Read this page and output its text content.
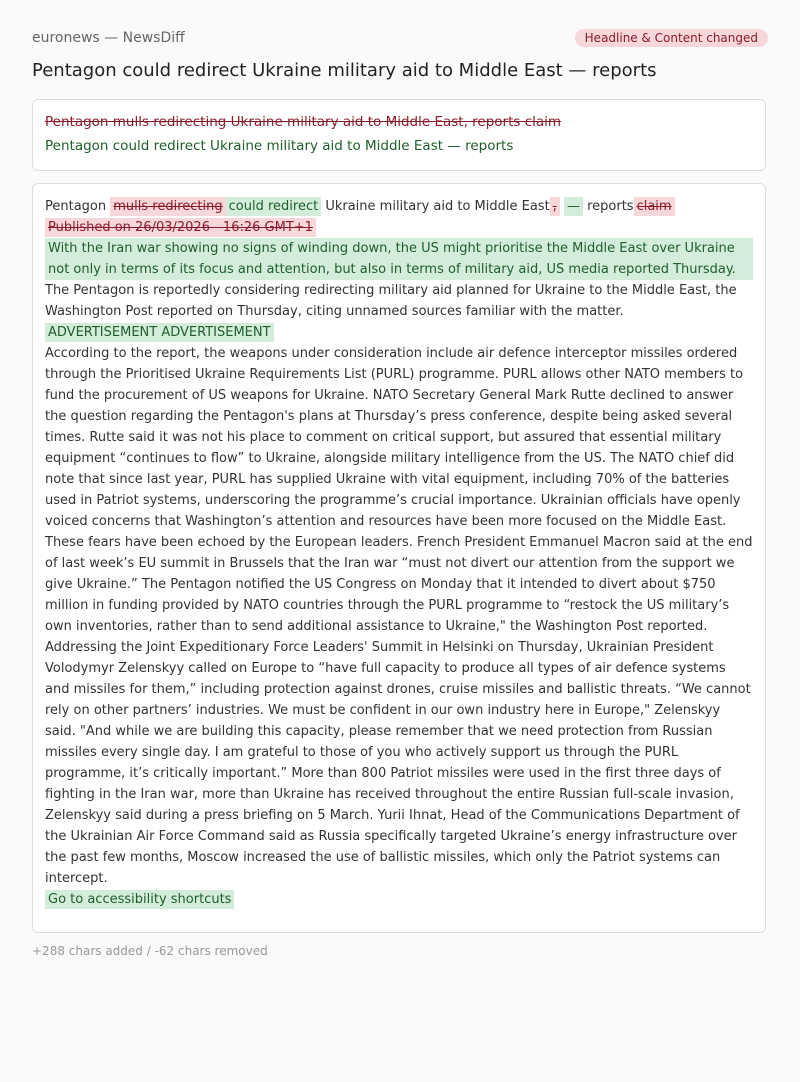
euronews — NewsDiff	Headline & Content changed
Pentagon could redirect Ukraine military aid to Middle East — reports
Pentagon mulls redirecting Ukraine military aid to Middle East, reports claim
Pentagon could redirect Ukraine military aid to Middle East — reports
Pentagon mulls redirecting could redirect Ukraine military aid to Middle East , — reports claim
Published on 26/03/2026 - 16:26 GMT+1
With the Iran war showing no signs of winding down, the US might prioritise the Middle East over Ukraine not only in terms of its focus and attention, but also in terms of military aid, US media reported Thursday.
The Pentagon is reportedly considering redirecting military aid planned for Ukraine to the Middle East, the Washington Post reported on Thursday, citing unnamed sources familiar with the matter.
ADVERTISEMENT ADVERTISEMENT
According to the report, the weapons under consideration include air defence interceptor missiles ordered through the Prioritised Ukraine Requirements List (PURL) programme. PURL allows other NATO members to fund the procurement of US weapons for Ukraine. NATO Secretary General Mark Rutte declined to answer the question regarding the Pentagon's plans at Thursday’s press conference, despite being asked several times. Rutte said it was not his place to comment on critical support, but assured that essential military equipment “continues to flow” to Ukraine, alongside military intelligence from the US. The NATO chief did note that since last year, PURL has supplied Ukraine with vital equipment, including 70% of the batteries used in Patriot systems, underscoring the programme’s crucial importance. Ukrainian officials have openly voiced concerns that Washington’s attention and resources have been more focused on the Middle East. These fears have been echoed by the European leaders. French President Emmanuel Macron said at the end of last week’s EU summit in Brussels that the Iran war “must not divert our attention from the support we give Ukraine.” The Pentagon notified the US Congress on Monday that it intended to divert about $750 million in funding provided by NATO countries through the PURL programme to “restock the US military’s own inventories, rather than to send additional assistance to Ukraine," the Washington Post reported. Addressing the Joint Expeditionary Force Leaders' Summit in Helsinki on Thursday, Ukrainian President Volodymyr Zelenskyy called on Europe to “have full capacity to produce all types of air defence systems and missiles for them,” including protection against drones, cruise missiles and ballistic threats. “We cannot rely on other partners’ industries. We must be confident in our own industry here in Europe," Zelenskyy said. "And while we are building this capacity, please remember that we need protection from Russian missiles every single day. I am grateful to those of you who actively support us through the PURL programme, it’s critically important.” More than 800 Patriot missiles were used in the first three days of fighting in the Iran war, more than Ukraine has received throughout the entire Russian full-scale invasion, Zelenskyy said during a press briefing on 5 March. Yurii Ihnat, Head of the Communications Department of the Ukrainian Air Force Command said as Russia specifically targeted Ukraine’s energy infrastructure over the past few months, Moscow increased the use of ballistic missiles, which only the Patriot systems can intercept.
Go to accessibility shortcuts
+288 chars added / -62 chars removed
